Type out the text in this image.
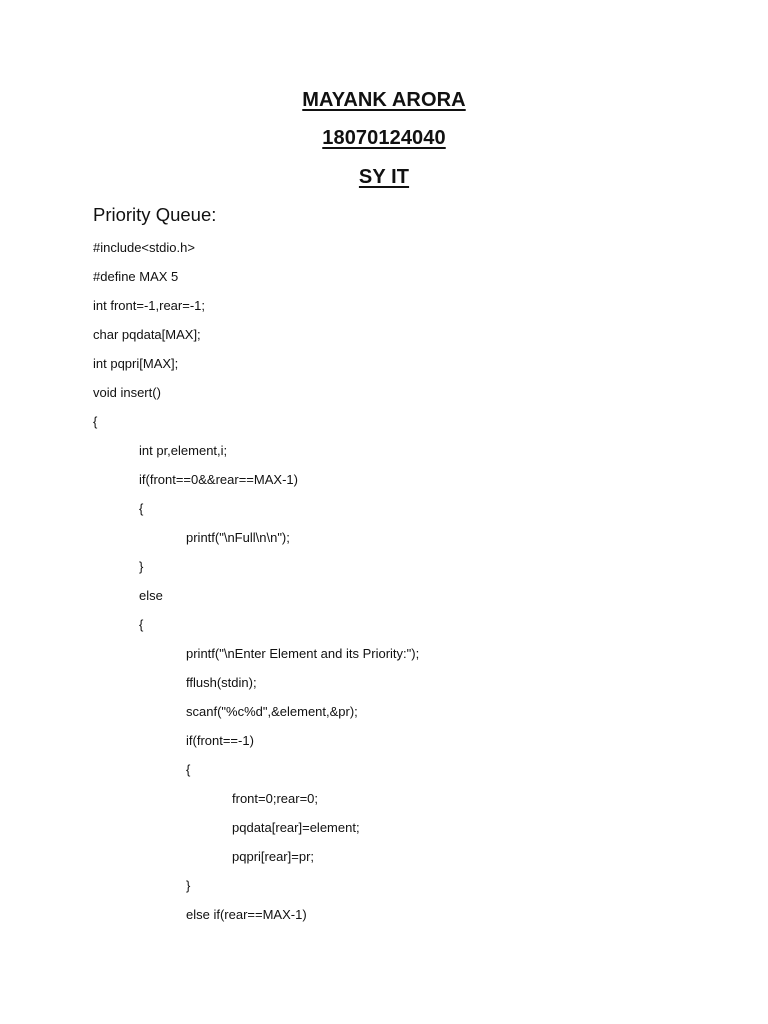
MAYANK ARORA
18070124040
SY IT
Priority Queue:
#include<stdio.h>
#define MAX 5
int front=-1,rear=-1;
char pqdata[MAX];
int pqpri[MAX];
void insert()
{
int pr,element,i;
if(front==0&&rear==MAX-1)
{
printf("\nFull\n\n");
}
else
{
printf("\nEnter Element and its Priority:");
fflush(stdin);
scanf("%c%d",&element,&pr);
if(front==-1)
{
front=0;rear=0;
pqdata[rear]=element;
pqpri[rear]=pr;
}
else if(rear==MAX-1)
